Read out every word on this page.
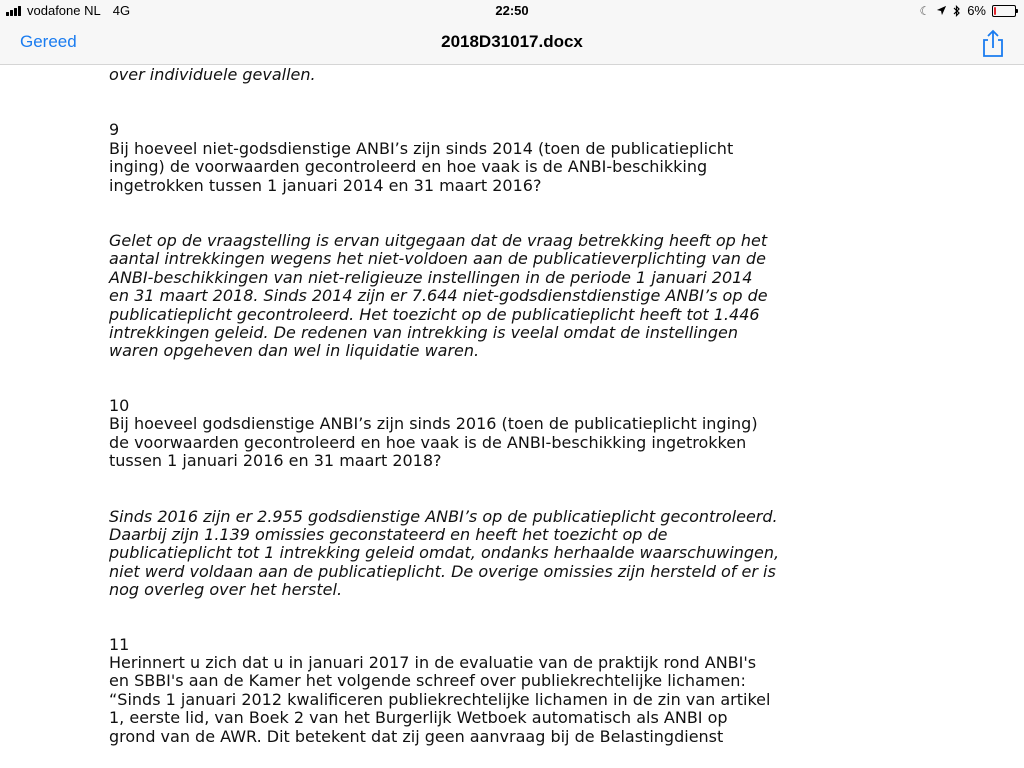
vodafone NL 4G	22:50	☾	6%
Gereed	2018D31017.docx

over individuele gevallen.

9

Bij hoeveel niet-godsdienstige ANBI’s zijn sinds 2014 (toen de publicatieplicht
inging) de voorwaarden gecontroleerd en hoe vaak is de ANBI-beschikking
ingetrokken tussen 1 januari 2014 en 31 maart 2016?

Gelet op de vraagstelling is ervan uitgegaan dat de vraag betrekking heeft op het
aantal intrekkingen wegens het niet-voldoen aan de publicatieverplichting van de
ANBI-beschikkingen van niet-religieuze instellingen in de periode 1 januari 2014
en 31 maart 2018. Sinds 2014 zijn er 7.644 niet-godsdienstdienstige ANBI’s op de
publicatieplicht gecontroleerd. Het toezicht op de publicatieplicht heeft tot 1.446
intrekkingen geleid. De redenen van intrekking is veelal omdat de instellingen
waren opgeheven dan wel in liquidatie waren.

10

Bij hoeveel godsdienstige ANBI’s zijn sinds 2016 (toen de publicatieplicht inging)
de voorwaarden gecontroleerd en hoe vaak is de ANBI-beschikking ingetrokken
tussen 1 januari 2016 en 31 maart 2018?

Sinds 2016 zijn er 2.955 godsdienstige ANBI’s op de publicatieplicht gecontroleerd.
Daarbij zijn 1.139 omissies geconstateerd en heeft het toezicht op de
publicatieplicht tot 1 intrekking geleid omdat, ondanks herhaalde waarschuwingen,
niet werd voldaan aan de publicatieplicht. De overige omissies zijn hersteld of er is
nog overleg over het herstel.

11

Herinnert u zich dat u in januari 2017 in de evaluatie van de praktijk rond ANBI's
en SBBI's aan de Kamer het volgende schreef over publiekrechtelijke lichamen:
“Sinds 1 januari 2012 kwalificeren publiekrechtelijke lichamen in de zin van artikel
1, eerste lid, van Boek 2 van het Burgerlijk Wetboek automatisch als ANBI op
grond van de AWR. Dit betekent dat zij geen aanvraag bij de Belastingdienst
